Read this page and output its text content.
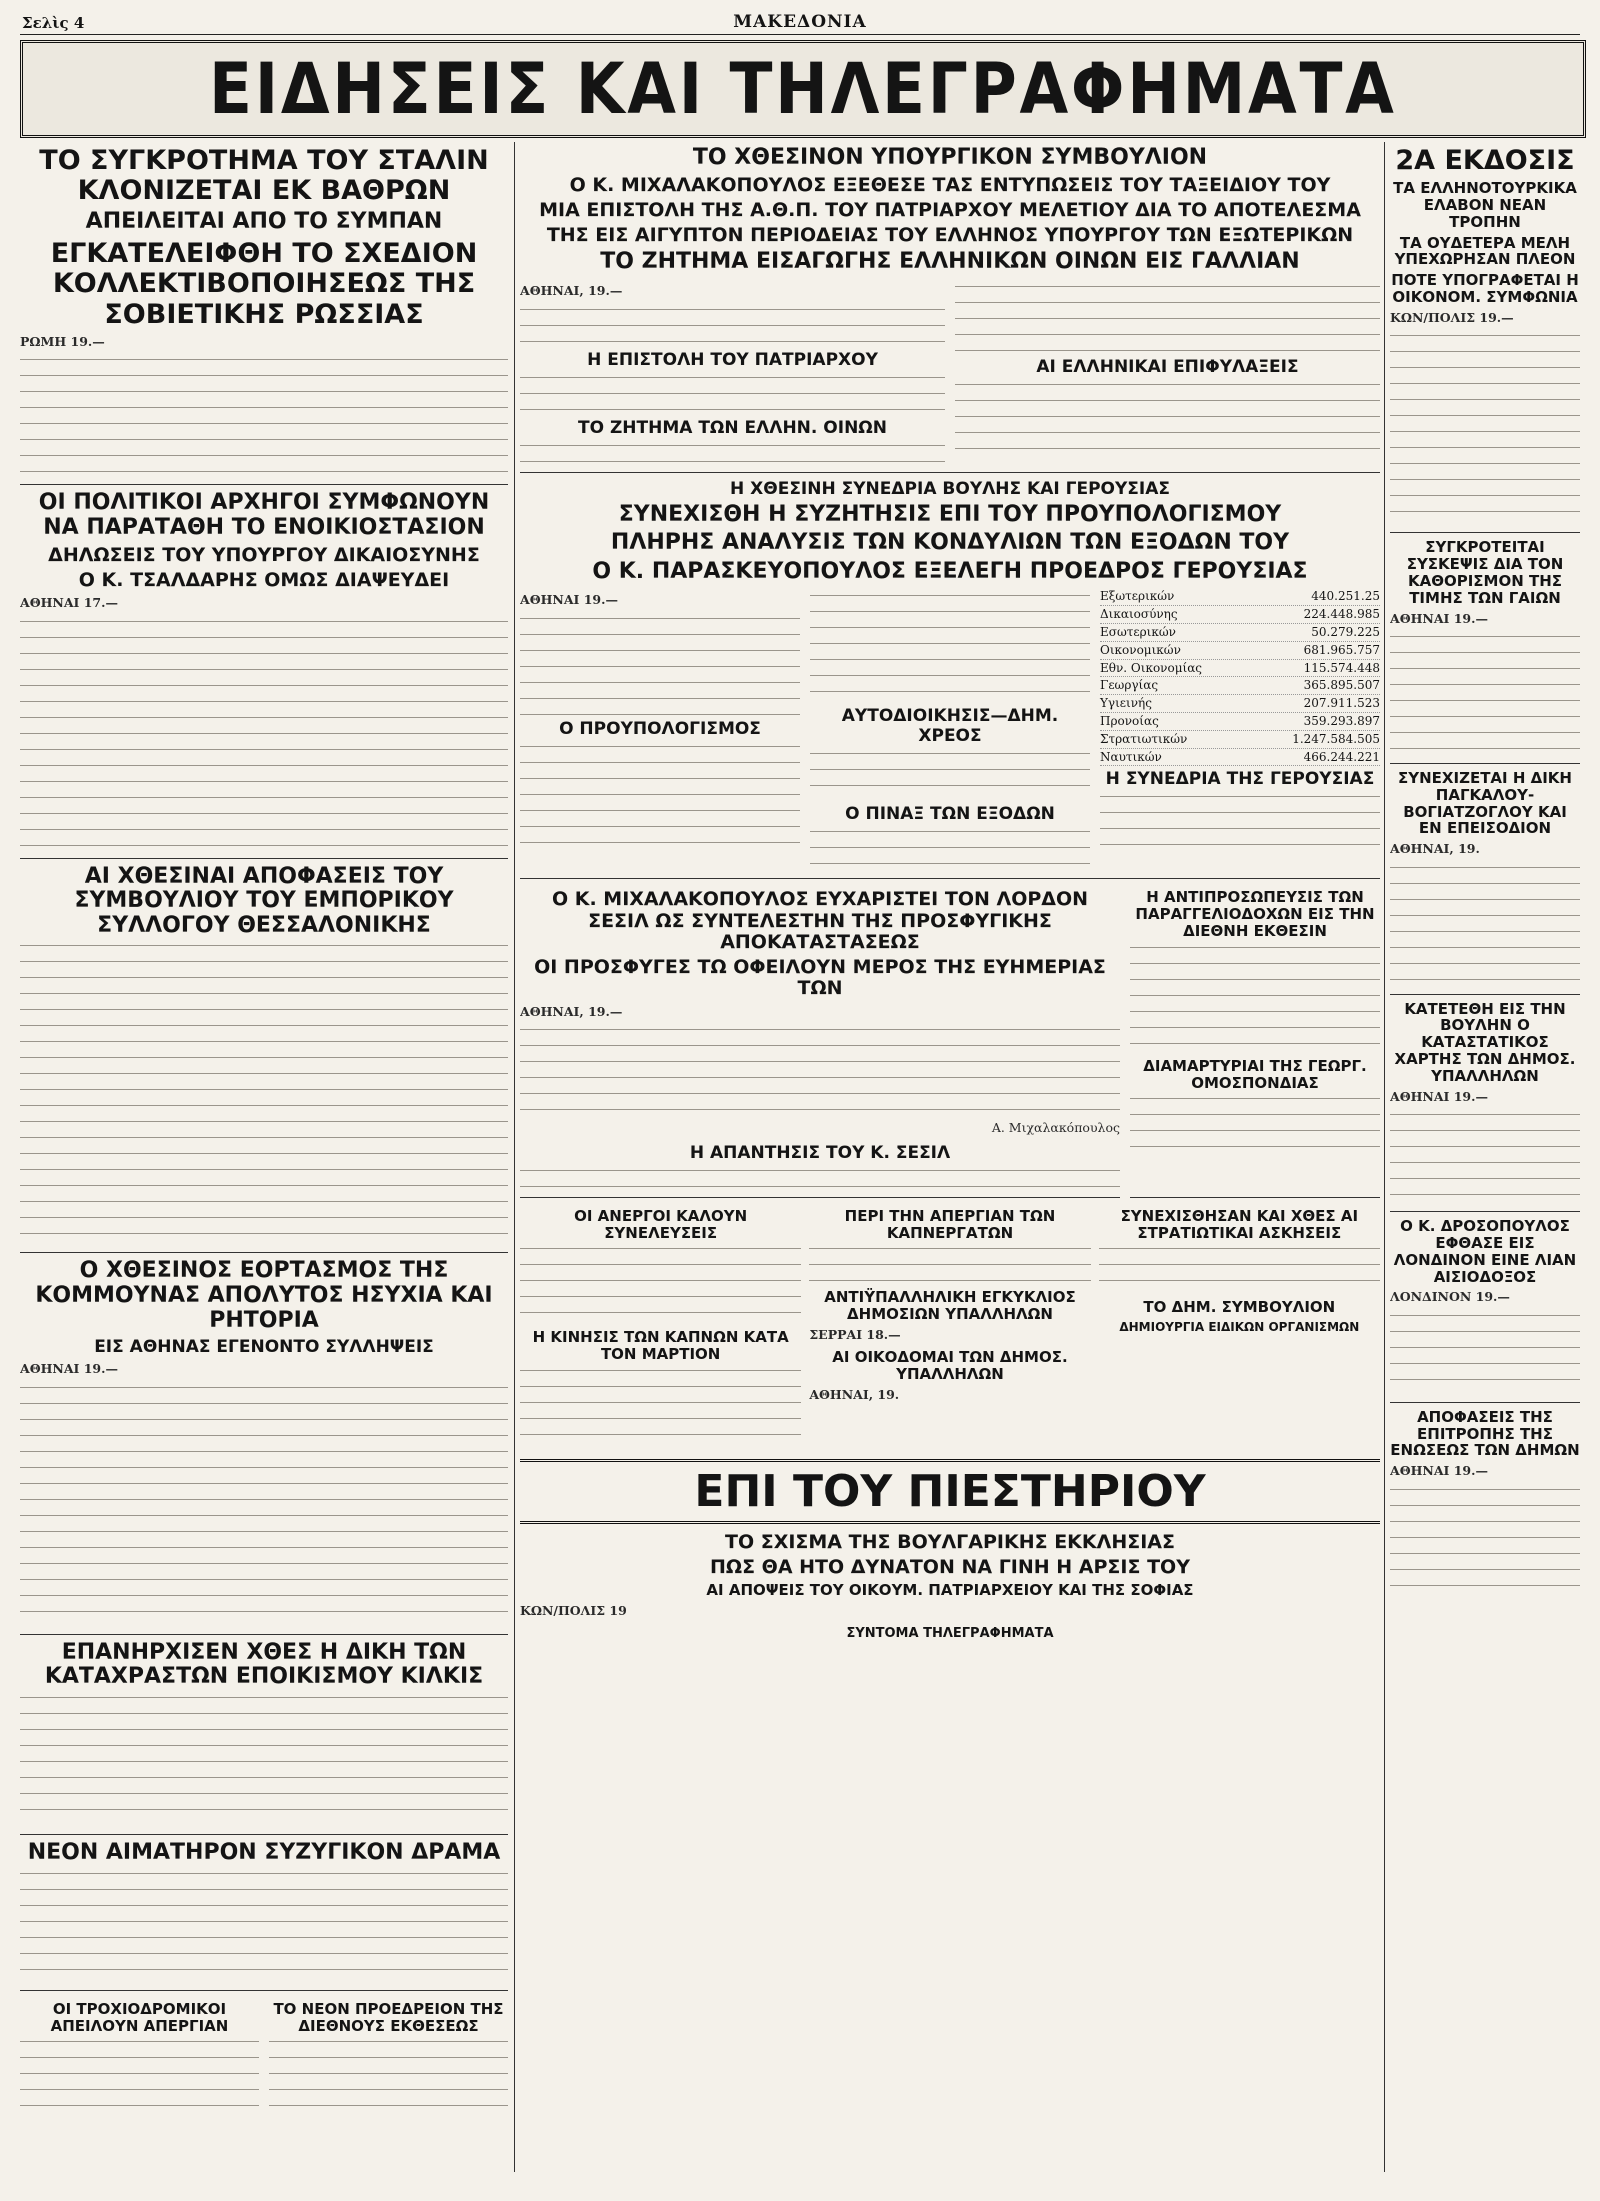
Σελὶς 4	ΜΑΚΕΔΟΝΙΑ
ΕΙΔΗΣΕΙΣ ΚΑΙ ΤΗΛΕΓΡΑΦΗΜΑΤΑ
ΤΟ ΣΥΓΚΡΟΤΗΜΑ ΤΟΥ ΣΤΑΛΙΝ ΚΛΟΝΙΖΕΤΑΙ ΕΚ ΒΑΘΡΩΝ
ΑΠΕΙΛΕΙΤΑΙ ΑΠΟ ΤΟ ΣΥΜΠΑΝ
ΕΓΚΑΤΕΛΕΙΦΘΗ ΤΟ ΣΧΕΔΙΟΝ ΚΟΛΛΕΚΤΙΒΟΠΟΙΗΣΕΩΣ ΤΗΣ ΣΟΒΙΕΤΙΚΗΣ ΡΩΣΣΙΑΣ
ΡΩΜΗ 19.—
ΟΙ ΠΟΛΙΤΙΚΟΙ ΑΡΧΗΓΟΙ ΣΥΜΦΩΝΟΥΝ ΝΑ ΠΑΡΑΤΑΘΗ ΤΟ ΕΝΟΙΚΙΟΣΤΑΣΙΟΝ
ΔΗΛΩΣΕΙΣ ΤΟΥ ΥΠΟΥΡΓΟΥ ΔΙΚΑΙΟΣΥΝΗΣ
Ο Κ. ΤΣΑΛΔΑΡΗΣ ΟΜΩΣ ΔΙΑΨΕΥΔΕΙ
ΑΘΗΝΑΙ 17.—
ΑΙ ΧΘΕΣΙΝΑΙ ΑΠΟΦΑΣΕΙΣ ΤΟΥ ΣΥΜΒΟΥΛΙΟΥ ΤΟΥ ΕΜΠΟΡΙΚΟΥ ΣΥΛΛΟΓΟΥ ΘΕΣΣΑΛΟΝΙΚΗΣ
Ο ΧΘΕΣΙΝΟΣ ΕΟΡΤΑΣΜΟΣ ΤΗΣ ΚΟΜΜΟΥΝΑΣ ΑΠΟΛΥΤΟΣ ΗΣΥΧΙΑ ΚΑΙ ΡΗΤΟΡΙΑ
ΕΙΣ ΑΘΗΝΑΣ ΕΓΕΝΟΝΤΟ ΣΥΛΛΗΨΕΙΣ
ΑΘΗΝΑΙ 19.—
ΕΠΑΝΗΡΧΙΣΕΝ ΧΘΕΣ Η ΔΙΚΗ ΤΩΝ ΚΑΤΑΧΡΑΣΤΩΝ ΕΠΟΙΚΙΣΜΟΥ ΚΙΛΚΙΣ
ΝΕΟΝ ΑΙΜΑΤΗΡΟΝ ΣΥΖΥΓΙΚΟΝ ΔΡΑΜΑ
ΟΙ ΤΡΟΧΙΟΔΡΟΜΙΚΟΙ ΑΠΕΙΛΟΥΝ ΑΠΕΡΓΙΑΝ
ΤΟ ΝΕΟΝ ΠΡΟΕΔΡΕΙΟΝ ΤΗΣ ΔΙΕΘΝΟΥΣ ΕΚΘΕΣΕΩΣ
ΤΟ ΧΘΕΣΙΝΟΝ ΥΠΟΥΡΓΙΚΟΝ ΣΥΜΒΟΥΛΙΟΝ
Ο Κ. ΜΙΧΑΛΑΚΟΠΟΥΛΟΣ ΕΞΕΘΕΣΕ ΤΑΣ ΕΝΤΥΠΩΣΕΙΣ ΤΟΥ ΤΑΞΕΙΔΙΟΥ ΤΟΥ
ΜΙΑ ΕΠΙΣΤΟΛΗ ΤΗΣ Α.Θ.Π. ΤΟΥ ΠΑΤΡΙΑΡΧΟΥ ΜΕΛΕΤΙΟΥ ΔΙΑ ΤΟ ΑΠΟΤΕΛΕΣΜΑ
ΤΗΣ ΕΙΣ ΑΙΓΥΠΤΟΝ ΠΕΡΙΟΔΕΙΑΣ ΤΟΥ ΕΛΛΗΝΟΣ ΥΠΟΥΡΓΟΥ ΤΩΝ ΕΞΩΤΕΡΙΚΩΝ
ΤΟ ΖΗΤΗΜΑ ΕΙΣΑΓΩΓΗΣ ΕΛΛΗΝΙΚΩΝ ΟΙΝΩΝ ΕΙΣ ΓΑΛΛΙΑΝ
ΑΘΗΝΑΙ, 19.—
Η ΕΠΙΣΤΟΛΗ ΤΟΥ ΠΑΤΡΙΑΡΧΟΥ
ΤΟ ΖΗΤΗΜΑ ΤΩΝ ΕΛΛΗΝ. ΟΙΝΩΝ
ΑΙ ΕΛΛΗΝΙΚΑΙ ΕΠΙΦΥΛΑΞΕΙΣ
Η ΧΘΕΣΙΝΗ ΣΥΝΕΔΡΙΑ ΒΟΥΛΗΣ ΚΑΙ ΓΕΡΟΥΣΙΑΣ
ΣΥΝΕΧΙΣΘΗ Η ΣΥΖΗΤΗΣΙΣ ΕΠΙ ΤΟΥ ΠΡΟΥΠΟΛΟΓΙΣΜΟΥ
ΠΛΗΡΗΣ ΑΝΑΛΥΣΙΣ ΤΩΝ ΚΟΝΔΥΛΙΩΝ ΤΩΝ ΕΞΟΔΩΝ ΤΟΥ
Ο Κ. ΠΑΡΑΣΚΕΥΟΠΟΥΛΟΣ ΕΞΕΛΕΓΗ ΠΡΟΕΔΡΟΣ ΓΕΡΟΥΣΙΑΣ
ΑΘΗΝΑΙ 19.—
Ο ΠΡΟΥΠΟΛΟΓΙΣΜΟΣ
ΑΥΤΟΔΙΟΙΚΗΣΙΣ—ΔΗΜ. ΧΡΕΟΣ
Ο ΠΙΝΑΞ ΤΩΝ ΕΞΟΔΩΝ
Εξωτερικών	440.251.25
Δικαιοσύνης	224.448.985
Εσωτερικών	50.279.225
Οικονομικών	681.965.757
Εθν. Οικονομίας	115.574.448
Γεωργίας	365.895.507
Υγιεινής	207.911.523
Προνοίας	359.293.897
Στρατιωτικών	1.247.584.505
Ναυτικών	466.244.221
Η ΣΥΝΕΔΡΙΑ ΤΗΣ ΓΕΡΟΥΣΙΑΣ
Ο Κ. ΜΙΧΑΛΑΚΟΠΟΥΛΟΣ ΕΥΧΑΡΙΣΤΕΙ ΤΟΝ ΛΟΡΔΟΝ ΣΕΣΙΛ ΩΣ ΣΥΝΤΕΛΕΣΤΗΝ ΤΗΣ ΠΡΟΣΦΥΓΙΚΗΣ ΑΠΟΚΑΤΑΣΤΑΣΕΩΣ
ΟΙ ΠΡΟΣΦΥΓΕΣ ΤΩ ΟΦΕΙΛΟΥΝ ΜΕΡΟΣ ΤΗΣ ΕΥΗΜΕΡΙΑΣ ΤΩΝ
ΑΘΗΝΑΙ, 19.—
Α. Μιχαλακόπουλος
Η ΑΠΑΝΤΗΣΙΣ ΤΟΥ Κ. ΣΕΣΙΛ
Η ΑΝΤΙΠΡΟΣΩΠΕΥΣΙΣ ΤΩΝ ΠΑΡΑΓΓΕΛΙΟΔΟΧΩΝ ΕΙΣ ΤΗΝ ΔΙΕΘΝΗ ΕΚΘΕΣΙΝ
ΔΙΑΜΑΡΤΥΡΙΑΙ ΤΗΣ ΓΕΩΡΓ. ΟΜΟΣΠΟΝΔΙΑΣ
ΟΙ ΑΝΕΡΓΟΙ ΚΑΛΟΥΝ ΣΥΝΕΛΕΥΣΕΙΣ
Η ΚΙΝΗΣΙΣ ΤΩΝ ΚΑΠΝΩΝ ΚΑΤΑ ΤΟΝ ΜΑΡΤΙΟΝ
ΠΕΡΙ ΤΗΝ ΑΠΕΡΓΙΑΝ ΤΩΝ ΚΑΠΝΕΡΓΑΤΩΝ
ΑΝΤΙΫΠΑΛΛΗΛΙΚΗ ΕΓΚΥΚΛΙΟΣ ΔΗΜΟΣΙΩΝ ΥΠΑΛΛΗΛΩΝ
ΣΕΡΡΑΙ 18.—
ΑΙ ΟΙΚΟΔΟΜΑΙ ΤΩΝ ΔΗΜΟΣ. ΥΠΑΛΛΗΛΩΝ
ΑΘΗΝΑΙ, 19.
ΣΥΝΕΧΙΣΘΗΣΑΝ ΚΑΙ ΧΘΕΣ ΑΙ ΣΤΡΑΤΙΩΤΙΚΑΙ ΑΣΚΗΣΕΙΣ
ΤΟ ΔΗΜ. ΣΥΜΒΟΥΛΙΟΝ
ΔΗΜΙΟΥΡΓΙΑ ΕΙΔΙΚΩΝ ΟΡΓΑΝΙΣΜΩΝ
ΕΠΙ ΤΟΥ ΠΙΕΣΤΗΡΙΟΥ
ΤΟ ΣΧΙΣΜΑ ΤΗΣ ΒΟΥΛΓΑΡΙΚΗΣ ΕΚΚΛΗΣΙΑΣ
ΠΩΣ ΘΑ ΗΤΟ ΔΥΝΑΤΟΝ ΝΑ ΓΙΝΗ Η ΑΡΣΙΣ ΤΟΥ
ΑΙ ΑΠΟΨΕΙΣ ΤΟΥ ΟΙΚΟΥΜ. ΠΑΤΡΙΑΡΧΕΙΟΥ ΚΑΙ ΤΗΣ ΣΟΦΙΑΣ
ΚΩΝ/ΠΟΛΙΣ 19
ΣΥΝΤΟΜΑ ΤΗΛΕΓΡΑΦΗΜΑΤΑ
2Α ΕΚΔΟΣΙΣ
ΤΑ ΕΛΛΗΝΟΤΟΥΡΚΙΚΑ ΕΛΑΒΟΝ ΝΕΑΝ ΤΡΟΠΗΝ
ΤΑ ΟΥΔΕΤΕΡΑ ΜΕΛΗ ΥΠΕΧΩΡΗΣΑΝ ΠΛΕΟΝ
ΠΟΤΕ ΥΠΟΓΡΑΦΕΤΑΙ Η ΟΙΚΟΝΟΜ. ΣΥΜΦΩΝΙΑ
ΚΩΝ/ΠΟΛΙΣ 19.—
ΣΥΓΚΡΟΤΕΙΤΑΙ ΣΥΣΚΕΨΙΣ ΔΙΑ ΤΟΝ ΚΑΘΟΡΙΣΜΟΝ ΤΗΣ ΤΙΜΗΣ ΤΩΝ ΓΑΙΩΝ
ΑΘΗΝΑΙ 19.—
ΣΥΝΕΧΙΖΕΤΑΙ Η ΔΙΚΗ ΠΑΓΚΑΛΟΥ-ΒΟΓΙΑΤΖΟΓΛΟΥ ΚΑΙ ΕΝ ΕΠΕΙΣΟΔΙΟΝ
ΑΘΗΝΑΙ, 19.
ΚΑΤΕΤΕΘΗ ΕΙΣ ΤΗΝ ΒΟΥΛΗΝ Ο ΚΑΤΑΣΤΑΤΙΚΟΣ ΧΑΡΤΗΣ ΤΩΝ ΔΗΜΟΣ. ΥΠΑΛΛΗΛΩΝ
ΑΘΗΝΑΙ 19.—
Ο Κ. ΔΡΟΣΟΠΟΥΛΟΣ ΕΦΘΑΣΕ ΕΙΣ ΛΟΝΔΙΝΟΝ ΕΙΝΕ ΛΙΑΝ ΑΙΣΙΟΔΟΞΟΣ
ΛΟΝΔΙΝΟΝ 19.—
ΑΠΟΦΑΣΕΙΣ ΤΗΣ ΕΠΙΤΡΟΠΗΣ ΤΗΣ ΕΝΩΣΕΩΣ ΤΩΝ ΔΗΜΩΝ
ΑΘΗΝΑΙ 19.—
